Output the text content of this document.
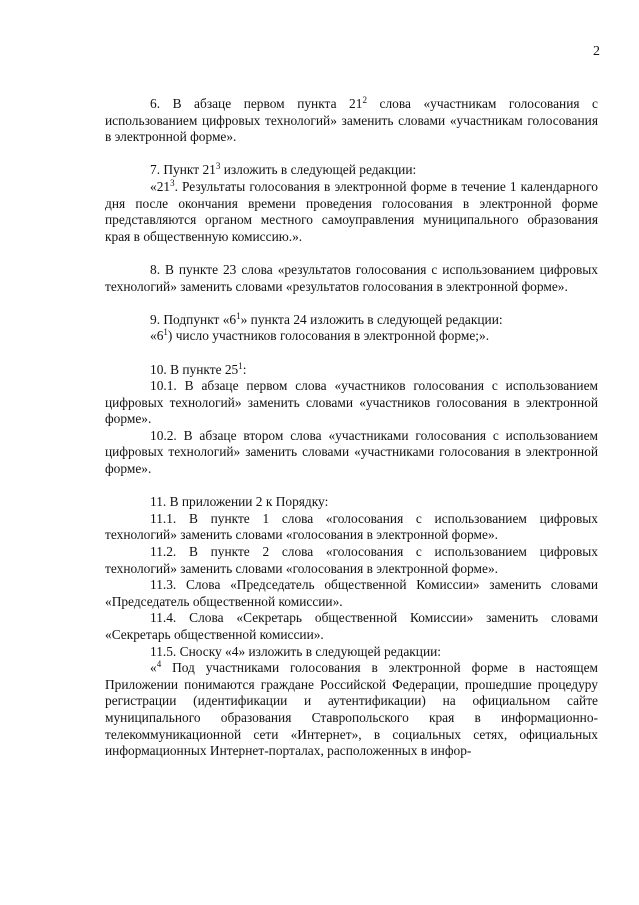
2

6. В абзаце первом пункта $21^2$ слова «участникам голосования с использованием цифровых технологий» заменить словами «участникам голосования в электронной форме».

7. Пункт $21^3$ изложить в следующей редакции:

«$21^3$. Результаты голосования в электронной форме в течение 1 календарного дня после окончания времени проведения голосования в электронной форме представляются органом местного самоуправления муниципального образования края в общественную комиссию.».

8. В пункте 23 слова «результатов голосования с использованием цифровых технологий» заменить словами «результатов голосования в электронной форме».

9. Подпункт «$6^1$» пункта 24 изложить в следующей редакции:

«$6^1$) число участников голосования в электронной форме;».

10. В пункте $25^1$:

10.1. В абзаце первом слова «участников голосования с использованием цифровых технологий» заменить словами «участников голосования в электронной форме».

10.2. В абзаце втором слова «участниками голосования с использованием цифровых технологий» заменить словами «участниками голосования в электронной форме».

11. В приложении 2 к Порядку:

11.1. В пункте 1 слова «голосования с использованием цифровых технологий» заменить словами «голосования в электронной форме».

11.2. В пункте 2 слова «голосования с использованием цифровых технологий» заменить словами «голосования в электронной форме».

11.3. Слова «Председатель общественной Комиссии» заменить словами «Председатель общественной комиссии».

11.4. Слова «Секретарь общественной Комиссии» заменить словами «Секретарь общественной комиссии».

11.5. Сноску «4» изложить в следующей редакции:

«$^4$ Под участниками голосования в электронной форме в настоящем Приложении понимаются граждане Российской Федерации, прошедшие процедуру регистрации (идентификации и аутентификации) на официальном сайте муниципального образования Ставропольского края в информационно-телекоммуникационной сети «Интернет», в социальных сетях, официальных информационных Интернет-порталах, расположенных в инфор-
